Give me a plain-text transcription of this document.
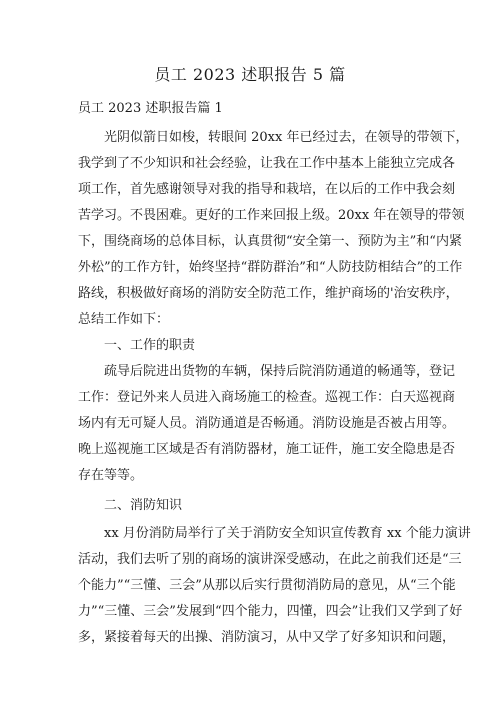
员工 2023 述职报告 5 篇
员工 2023 述职报告篇 1
光阴似箭日如梭，转眼间 20xx 年已经过去，在领导的带领下，
我学到了不少知识和社会经验，让我在工作中基本上能独立完成各
项工作，首先感谢领导对我的指导和栽培，在以后的工作中我会刻
苦学习。不畏困难。更好的工作来回报上级。20xx 年在领导的带领
下，围绕商场的总体目标，认真贯彻“安全第一、预防为主”和“内紧
外松”的工作方针，始终坚持“群防群治”和“人防技防相结合”的工作
路线，积极做好商场的消防安全防范工作，维护商场的'治安秩序，
总结工作如下：
一、工作的职责
疏导后院进出货物的车辆，保持后院消防通道的畅通等，登记
工作：登记外来人员进入商场施工的检查。巡视工作：白天巡视商
场内有无可疑人员。消防通道是否畅通。消防设施是否被占用等。
晚上巡视施工区域是否有消防器材，施工证件，施工安全隐患是否
存在等等。
二、消防知识
xx 月份消防局举行了关于消防安全知识宣传教育 xx 个能力演讲
活动，我们去听了别的商场的演讲深受感动，在此之前我们还是“三
个能力”“三懂、三会”从那以后实行贯彻消防局的意见，从“三个能
力”“三懂、三会”发展到“四个能力，四懂，四会”让我们又学到了好
多，紧接着每天的出操、消防演习，从中又学了好多知识和问题，
